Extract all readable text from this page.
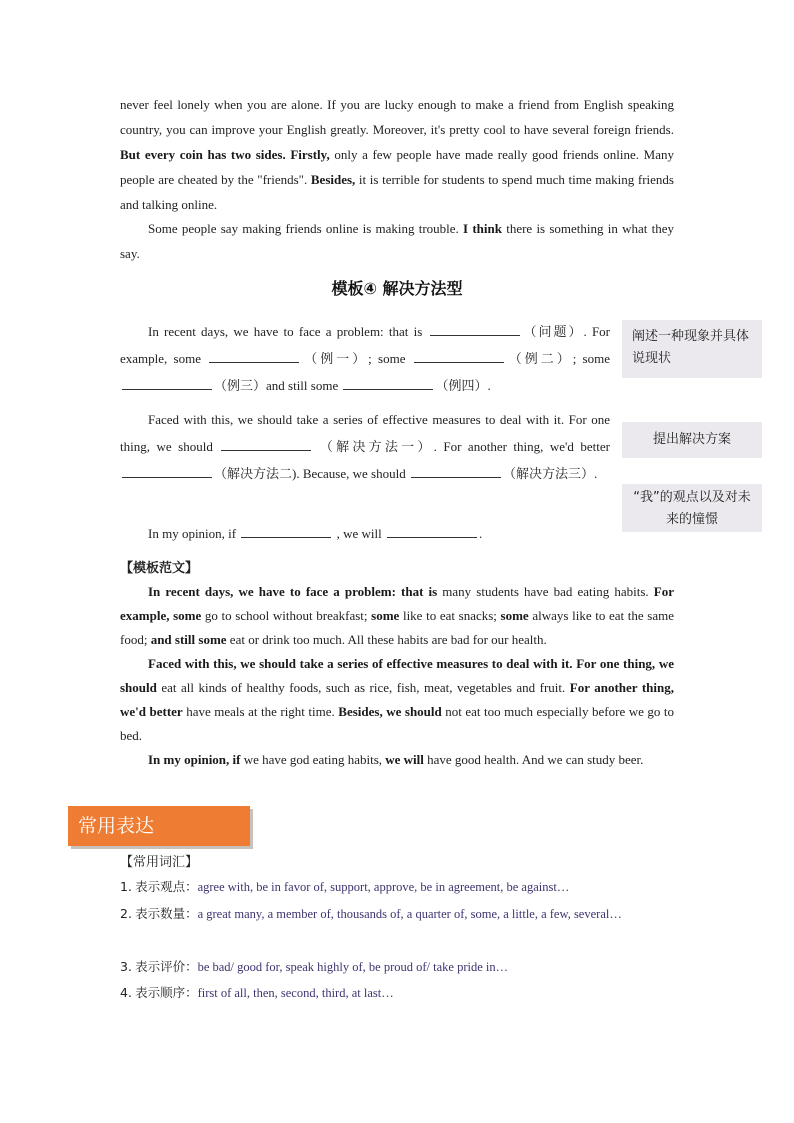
never feel lonely when you are alone. If you are lucky enough to make a friend from English speaking country, you can improve your English greatly. Moreover, it's pretty cool to have several foreign friends. But every coin has two sides. Firstly, only a few people have made really good friends online. Many people are cheated by the "friends". Besides, it is terrible for students to spend much time making friends and talking online.

Some people say making friends online is making trouble. I think there is something in what they say.

模板④ 解决方法型

In recent days, we have to face a problem: that is	（问题）. For example, some	（例一）; some	（例二）; some （例三）and still some	（例四）.

Faced with this, we should take a series of effective measures to deal with it. For one thing, we should	（解决方法一）. For another thing, we'd better （解决方法二). Because, we should	（解决方法三）.

In my opinion, if	, we will	.

阐述一种现象并具体说现状
提出解决方案
“我”的观点以及对未来的憧憬
【模板范文】

In recent days, we have to face a problem: that is many students have bad eating habits. For example, some go to school without breakfast; some like to eat snacks; some always like to eat the same food; and still some eat or drink too much. All these habits are bad for our health.

Faced with this, we should take a series of effective measures to deal with it. For one thing, we should eat all kinds of healthy foods, such as rice, fish, meat, vegetables and fruit. For another thing, we'd better have meals at the right time. Besides, we should not eat too much especially before we go to bed.

In my opinion, if we have god eating habits, we will have good health. And we can study beer.

常用表达
【常用词汇】

1. 表示观点：agree with, be in favor of, support, approve, be in agreement, be against…

2. 表示数量：a great many, a member of, thousands of, a quarter of, some, a little, a few, several…

3. 表示评价：be bad/ good for, speak highly of, be proud of/ take pride in…

4. 表示顺序：first of all, then, second, third, at last…
